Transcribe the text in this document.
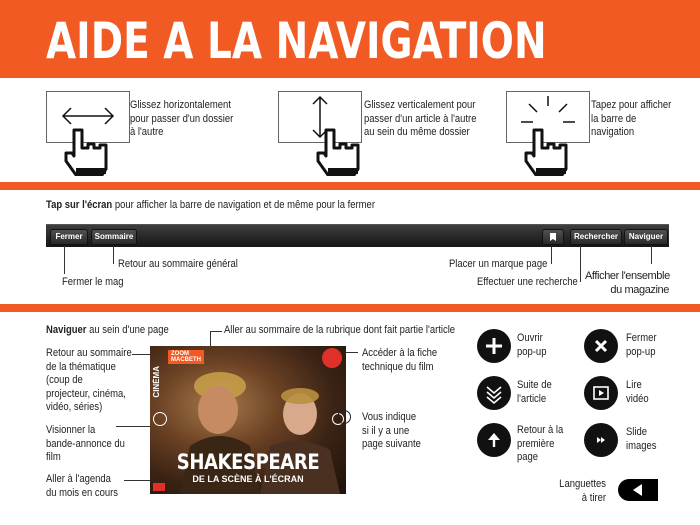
AIDE A LA NAVIGATION
Glissez horizontalement
pour passer d'un dossier
à l'autre
Glissez verticalement pour
passer d'un article à l'autre
au sein du même dossier
Tapez pour afficher
la barre de
navigation
Tap sur l'écran pour afficher la barre de navigation et de même pour la fermer
Fermer	Sommaire	Rechercher	Naviguer
Fermer le mag
Retour au sommaire général	Placer un marque page
Effectuer une recherche Afficher l'ensemble
du magazine
Naviguer au sein d'une page	Aller au sommaire de la rubrique dont fait partie l'article
Retour au sommaire
de la thématique
(coup de
projecteur, cinéma,
vidéo, séries)
Visionner la
bande-annonce du
film
Aller à l'agenda
du mois en cours
CINÉMA
ZOOM
MACBETH
SHAKESPEARE
DE LA SCÈNE À L'ÉCRAN
Accéder à la fiche
technique du film
Vous indique
si il y a une
page suivante
Ouvrir
pop-up
Fermer
pop-up
Suite de
l'article
Lire
vidéo
Retour à la
première
page
Slide
images
Languettes
à tirer
